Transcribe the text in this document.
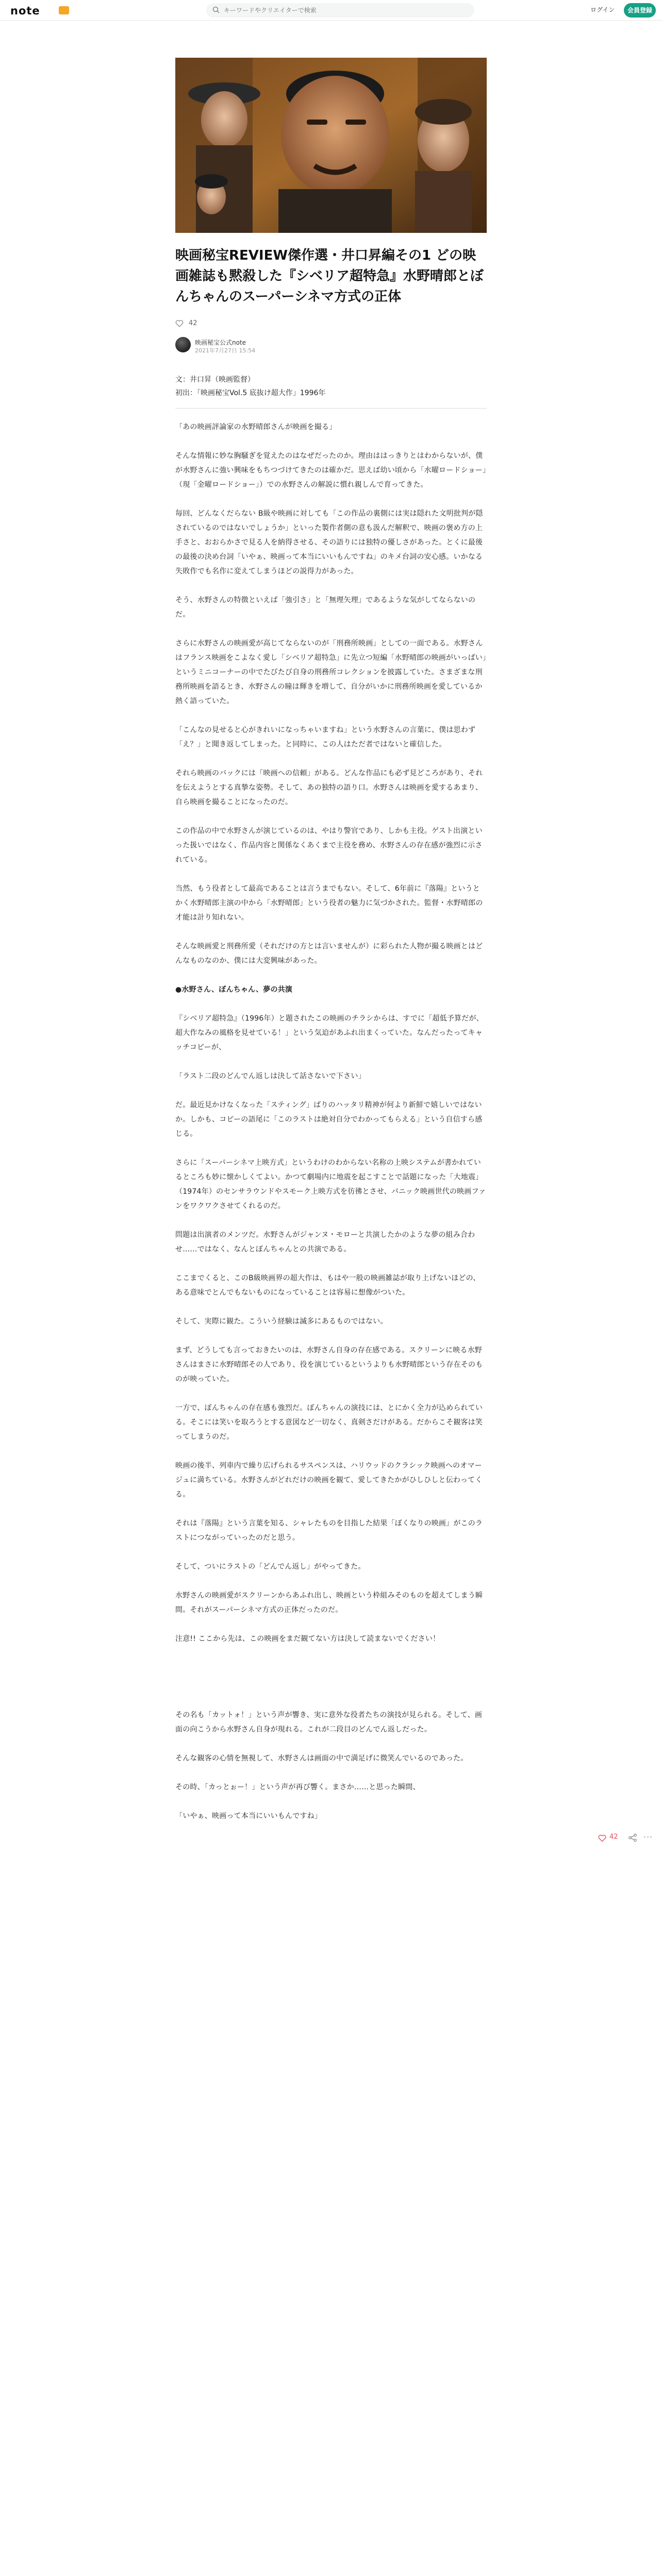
note
キーワードやクリエイターで検索	ログイン	会員登録
映画秘宝REVIEW傑作選・井口昇編その1 どの映画雑誌も黙殺した『シベリア超特急』水野晴郎とぼんちゃんのスーパーシネマ方式の正体
42
映画秘宝公式note
2021年7月27日 15:54
文：井口昇（映画監督）
初出：「映画秘宝Vol.5 底抜け超大作」1996年

「あの映画評論家の水野晴郎さんが映画を撮る」

そんな情報に妙な胸騒ぎを覚えたのはなぜだったのか。理由ははっきりとはわからないが、僕が水野さんに強い興味をもちつづけてきたのは確かだ。思えば幼い頃から「水曜ロードショー」（現「金曜ロードショー」）での水野さんの解説に慣れ親しんで育ってきた。

毎回、どんなくだらない B級や映画に対しても「この作品の裏側には実は隠れた文明批判が隠されているのではないでしょうか」といった製作者側の意も汲んだ解釈で、映画の褒め方の上手さと、おおらかさで見る人を納得させる、その語りには独特の優しさがあった。とくに最後の最後の決め台詞「いやぁ、映画って本当にいいもんですね」のキメ台詞の安心感。いかなる失敗作でも名作に変えてしまうほどの説得力があった。

そう、水野さんの特徴といえば「強引さ」と「無理矢理」であるような気がしてならないのだ。

さらに水野さんの映画愛が高じてならないのが「刑務所映画」としての一面である。水野さんはフランス映画をこよなく愛し「シベリア超特急」に先立つ短編「水野晴郎の映画がいっぱい」というミニコーナーの中でたびたび自身の刑務所コレクションを披露していた。さまざまな刑務所映画を語るとき、水野さんの瞳は輝きを増して、自分がいかに刑務所映画を愛しているか熱く語っていた。

「こんなの見せると心がきれいになっちゃいますね」という水野さんの言葉に、僕は思わず「え？」と聞き返してしまった。と同時に、この人はただ者ではないと確信した。

それら映画のバックには「映画への信頼」がある。どんな作品にも必ず見どころがあり、それを伝えようとする真摯な姿勢。そして、あの独特の語り口。水野さんは映画を愛するあまり、自ら映画を撮ることになったのだ。

この作品の中で水野さんが演じているのは、やはり警官であり、しかも主役。ゲスト出演といった扱いではなく、作品内容と関係なくあくまで主役を務め、水野さんの存在感が強烈に示されている。

当然、もう役者として最高であることは言うまでもない。そして、6年前に『落陽』というとかく水野晴郎主演の中から「水野晴郎」という役者の魅力に気づかされた。監督・水野晴郎の才能は計り知れない。

そんな映画愛と刑務所愛（それだけの方とは言いませんが）に彩られた人物が撮る映画とはどんなものなのか、僕には大変興味があった。

●水野さん、ぼんちゃん、夢の共演

『シベリア超特急』（1996年）と題されたこの映画のチラシからは、すでに「超低予算だが、超大作なみの風格を見せている！」という気迫があふれ出まくっていた。なんだったってキャッチコピーが、

「ラスト二段のどんでん返しは決して話さないで下さい」

だ。最近見かけなくなった「スティング」ばりのハッタリ精神が何より新鮮で嬉しいではないか。しかも、コピーの語尾に「このラストは絶対自分でわかってもらえる」という自信すら感じる。

さらに「スーパーシネマ上映方式」というわけのわからない名称の上映システムが書かれているところも妙に懐かしくてよい。かつて劇場内に地震を起こすことで話題になった「大地震」（1974年）のセンサラウンドやスモーク上映方式を彷彿とさせ、パニック映画世代の映画ファンをワクワクさせてくれるのだ。

問題は出演者のメンツだ。水野さんがジャンヌ・モローと共演したかのような夢の組み合わせ……ではなく、なんとぼんちゃんとの共演である。

ここまでくると、このB級映画界の超大作は、もはや一般の映画雑誌が取り上げないほどの、ある意味でとんでもないものになっていることは容易に想像がついた。

そして、実際に観た。こういう経験は滅多にあるものではない。

まず、どうしても言っておきたいのは、水野さん自身の存在感である。スクリーンに映る水野さんはまさに水野晴郎その人であり、役を演じているというよりも水野晴郎という存在そのものが映っていた。

一方で、ぼんちゃんの存在感も強烈だ。ぼんちゃんの演技には、とにかく全力が込められている。そこには笑いを取ろうとする意図など一切なく、真剣さだけがある。だからこそ観客は笑ってしまうのだ。

映画の後半、列車内で繰り広げられるサスペンスは、ハリウッドのクラシック映画へのオマージュに満ちている。水野さんがどれだけの映画を観て、愛してきたかがひしひしと伝わってくる。

それは『落陽』という言葉を知る、シャレたものを目指した結果「ぼくなりの映画」がこのラストにつながっていったのだと思う。

そして、ついにラストの「どんでん返し」がやってきた。

水野さんの映画愛がスクリーンからあふれ出し、映画という枠組みそのものを超えてしまう瞬間。それがスーパーシネマ方式の正体だったのだ。

注意!! ここから先は、この映画をまだ観てない方は決して読まないでください！

その名も「カットォ！」という声が響き、実に意外な役者たちの演技が見られる。そして、画面の向こうから水野さん自身が現れる。これが二段目のどんでん返しだった。

そんな観客の心情を無視して、水野さんは画面の中で満足げに微笑んでいるのであった。

その時、「カっとぉー！」という声が再び響く。まさか……と思った瞬間、

「いやぁ、映画って本当にいいもんですね」

42	···
